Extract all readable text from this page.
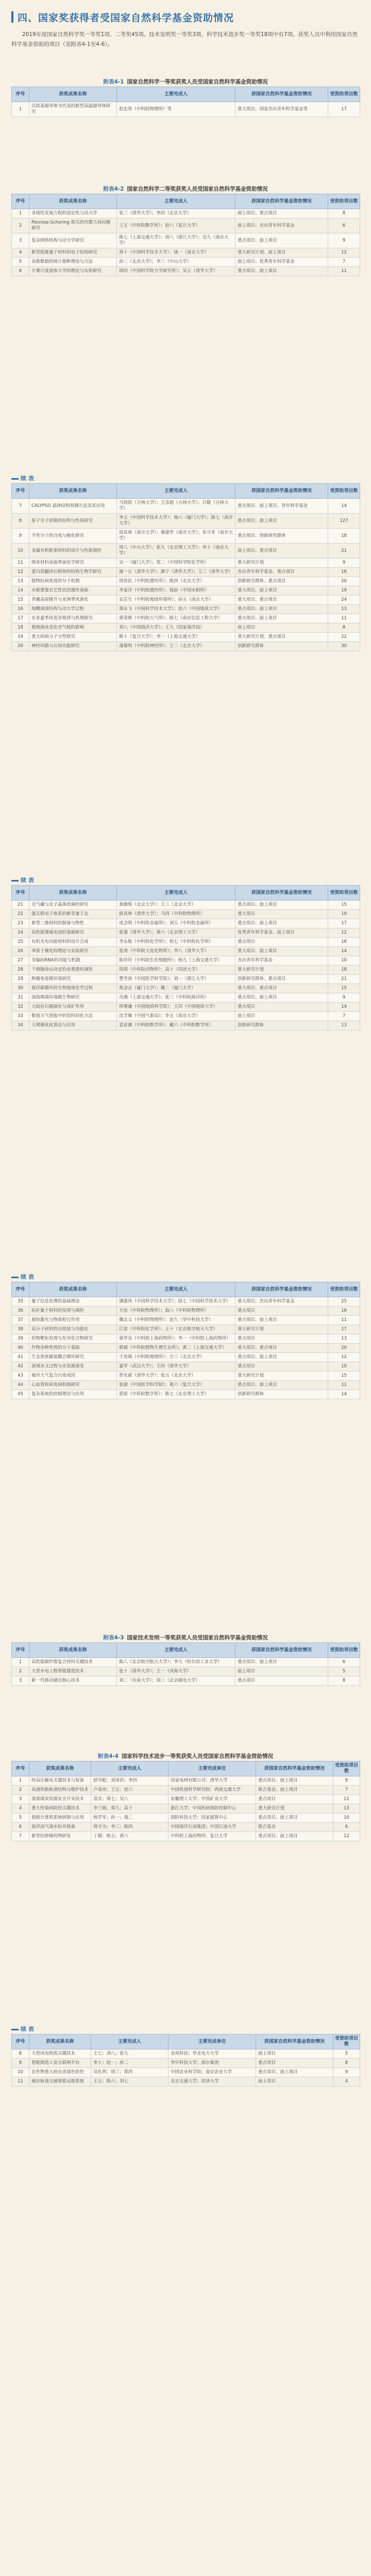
四、国家奖获得者受国家自然科学基金资助情况
2019年度国家自然科学奖一等奖1项、二等奖45项。技术发明奖一等奖3项，科学技术进步奖一等奖18项中有7项。获奖人员中利用国家自然科学基金资助的项目（见附表4-1至4-6）。
附表4-1 国家自然科学一等奖获奖人员受国家自然科学基金资助情况
序号	获奖成果名称	主要完成人	获国家自然科学基金资助情况	受资助项目数
1	以铁基超导体为代表的新型高温超导体研究	赵忠贤（中科院物理所）等	重大项目、国家杰出青年科学基金等	17
附表4-2 国家自然科学二等奖获奖人员受国家自然科学基金资助情况
序号	获奖成果名称	主要完成人	获国家自然科学基金资助情况	受资助项目数
1	非线性发展方程的适定性与动力学	张三（清华大学）；李四（北京大学）	面上项目、重点项目	8
2	Penrose-Schering 相关的代数几何问题研究	王五（中科院数学所）；赵六（复旦大学）	面上项目、杰出青年科学基金	6
3	复杂网络结构与动力学研究	陈七（上海交通大学）；周八（浙江大学）；吴九（南京大学）	重点项目、面上项目	9
4	新型低维量子材料的电子结构研究	郑十（中国科学技术大学）；钱一（南京大学）	重大研究计划、面上项目	12
5	高维数据的统计推断理论与方法	孙二（北京大学）；李三（中山大学）	面上项目、优秀青年科学基金	7
6	介观尺度流体力学的理论与实验研究	周四（中国科学院力学研究所）；吴五（清华大学）	重点项目、面上项目	11
续 表
序号	获奖成果名称	主要完成人	获国家自然科学基金资助情况	受资助项目数
7	CALYPSO 晶体结构预测方法及其应用	马琰铭（吉林大学）；王彦超（吉林大学）；吕健（吉林大学）	重点项目、面上项目、青年科学基金	14
8	原子分子团簇的结构与性质研究	李五（中国科学技术大学）；杨六（厦门大学）；陈七（南开大学）	重点项目、面上项目	127
9	手性分子的合成与催化研究	周其林（南开大学）；谢建华（南开大学）；朱守非（南开大学）	重点项目、创新研究群体	18
10	金属有机框架材料的设计与性能调控	周八（中山大学）；张九（北京理工大学）；李十（南京大学）	面上项目、重点项目	21
11	纳米材料表面界面化学研究	吴一（厦门大学）；郑二（中国科学院化学所）	重大研究计划	9
12	蛋白质翻译后修饰的结构生物学研究	施一公（清华大学）；颜宁（清华大学）；王三（清华大学）	杰出青年科学基金、重点项目	16
13	植物抗病免疫的分子机制	周俭民（中科院遗传所）；陈四（北京大学）	创新研究群体、重点项目	20
14	水稻重要农艺性状的遗传基础	李家洋（中科院遗传所）；钱前（中国水稻所）	重大项目、面上项目	19
15	青藏高原隆升与亚洲季风演化	安芷生（中科院地球环境所）；孙五（南京大学）	重大项目、重点项目	24
16	地幔深部结构与动力学过程	郑永飞（中国科学技术大学）；赵六（中国地质大学）	重点项目、面上项目	13
17	东亚夏季风变异规律与机理研究	黄荣辉（中科院大气所）；陈七（南京信息工程大学）	重点项目、面上项目	11
18	极地海冰变化对气候的影响	刘八（中国海洋大学）；王九（国家海洋局）	面上项目	8
19	重大疾病分子分型研究	陈十（复旦大学）；李一（上海交通大学）	重大研究计划、重点项目	22
20	神经环路与认知功能研究	蒲慕明（中科院神经所）；王二（北京大学）	创新研究群体	30
续 表
序号	获奖成果名称	主要完成人	获国家自然科学基金资助情况	受资助项目数
21	光气藏与光子晶体的调控研究	龚旗煌（北京大学）；王三（北京大学）	重点项目、面上项目	15
22	强关联电子体系的新奇量子态	薛其坤（清华大学）；马四（中科院物理所）	重大项目	19
23	新型二维材料的制备与物性	成会明（中科院金属所）；刘五（中科院金属所）	重点项目、面上项目	17
24	高性能锂硫电池的基础研究	张强（清华大学）；黄六（北京理工大学）	优秀青年科学基金、面上项目	12
25	有机光电功能材料的设计合成	李永舫（中科院化学所）；侯七（中科院化学所）	重点项目	16
26	单原子催化的理论与实验研究	张涛（中科院大连化物所）；李八（清华大学）	重大项目、面上项目	14
27	非编码RNA的功能与机制	陈玲玲（中科院生化细胞所）；杨九（上海交通大学）	杰出青年科学基金	10
28	干细胞命运决定的表观遗传调控	周琪（中科院动物所）；高十（同济大学）	重大研究计划	18
29	肿瘤免疫微环境研究	曹雪涛（中国医学科学院）；刘一（浙江大学）	创新研究群体、重点项目	21
30	海洋碳循环的生物地球化学过程	焦念志（厦门大学）；戴二（厦门大学）	重大项目、重点项目	15
31	深海极端环境微生物研究	肖湘（上海交通大学）；张三（中科院海洋所）	重点项目、面上项目	9
32	大陆岩石圈演化与成矿作用	侯增谦（中国地质科学院）；王四（中国地质大学）	重点项目	14
33	数值天气预报中的资料同化方法	沈学顺（中国气象局）；李五（南京大学）	面上项目	7
34	大规模优化算法与应用	袁亚湘（中科院数学所）；戴六（中科院数学所）	创新研究群体	13
续 表
序号	获奖成果名称	主要完成人	获国家自然科学基金资助情况	受资助项目数
35	量子信息处理的基础理论	潘建伟（中国科学技术大学）；陆七（中国科学技术大学）	重大项目、杰出青年科学基金	25
36	拓扑量子材料的发现与调控	方忠（中科院物理所）；翁八（中科院物理所）	重点项目	16
37	超快激光与物质相互作用	魏志义（中科院物理所）；赵九（华中科技大学）	重点项目、面上项目	11
38	高分子材料的自组装与功能化	江雷（中科院化学所）；王十（北京航空航天大学）	重大研究计划	17
39	药物靶标发现与先导化合物研究	蒋华良（中科院上海药物所）；李一（中科院上海药物所）	重点项目	13
40	作物杂种优势的分子基础	韩斌（中科院植物生理生态所）；黄二（上海交通大学）	重大项目、重点项目	20
41	生态系统碳氮耦合循环研究	于贵瑞（中科院地理所）；方三（北京大学）	重点项目、面上项目	12
42	流域水文过程与水资源演变	夏军（武汉大学）；王四（清华大学）	重点项目	10
43	城市大气复合污染成因	贺克斌（清华大学）；张五（北京大学）	重大研究计划	15
44	心血管疾病发病机制研究	张澍（中国医学科学院）；葛六（复旦大学）	重点项目、面上项目	11
45	复杂系统的控制理论与应用	郭雷（中科院数学所）；陈七（北京理工大学）	创新研究群体	14
附表4-3 国家技术发明一等奖获奖人员受国家自然科学基金资助情况
序号	获奖成果名称	主要完成人	获国家自然科学基金资助情况	受资助项目数
1	高性能碳纤维复合材料关键技术	陈八（北京航空航天大学）；李九（哈尔滨工业大学）	重点项目、面上项目	6
2	大型水电工程智能建造技术	张十（清华大学）；王一（河海大学）	面上项目	5
3	新一代移动通信核心技术	刘二（东南大学）；周三（北京邮电大学）	重点项目	8
附表4-4 国家科学技术进步一等奖获奖人员受国家自然科学基金资助情况
序号	获奖成果名称	主要完成人	主要完成单位	获国家自然科学基金资助情况	受资助项目数
1	特高压输电关键技术与装备	舒印彪；刘泽洪；李四	国家电网有限公司；清华大学	重点项目、面上项目	9
2	高速铁路轨道结构与维护技术	卢春房；王五；赵六	中国铁道科学研究院；西南交通大学	联合基金、面上项目	7
3	深部煤炭资源安全开采技术	袁亮；周七；吴八	安徽理工大学；中国矿业大学	重点项目	11
4	重大传染病防控关键技术	李兰娟；郑九；高十	浙江大学；中国疾病预防控制中心	重大研究计划	13
5	超级计算机系统研制与应用	杨学军；孙一；钱二	国防科技大学；国家超算中心	重点项目、面上项目	10
6	海洋油气深水钻井装备	周守为；李三；陈四	中国海洋石油集团；中国石油大学	联合基金	6
7	新型抗肿瘤药物研发	丁健；耿五；黄六	中科院上海药物所；复旦大学	重点项目、面上项目	12
续 表
序号	获奖成果名称	主要完成人	主要完成单位	获国家自然科学基金资助情况	受资助项目数
8	大型风电机组关键技术	王七；刘八；张九	金风科技；华北电力大学	面上项目	5
9	智能制造工业互联网平台	李十；赵一；孙二	华中科技大学；海尔集团	重点项目	8
10	农作物重大病虫害绿色防控	吴孔明；周三；郑四	中国农业科学院；南京农业大学	重点项目、面上项目	9
11	城市轨道交通智能运维系统	王五；陈六；刘七	北京交通大学；同济大学	面上项目	4
